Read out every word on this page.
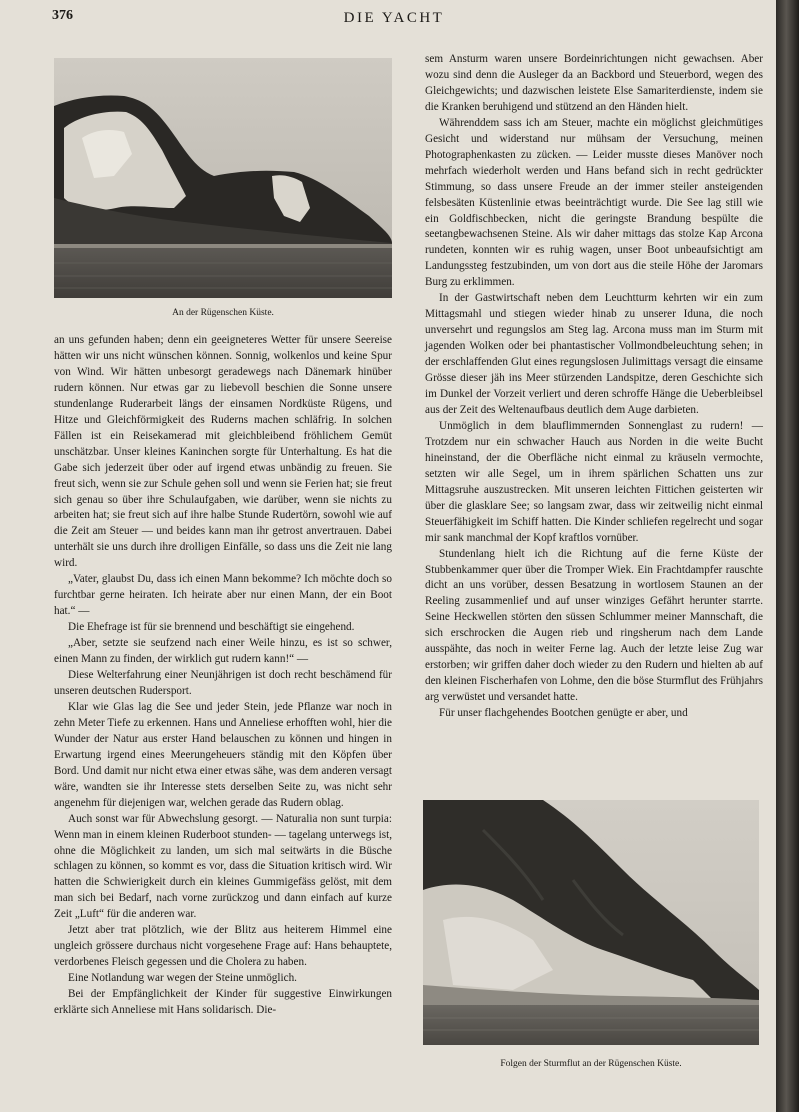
376	DIE YACHT
An der Rügenschen Küste.

an uns gefunden haben; denn ein geeigneteres Wetter für unsere Seereise hätten wir uns nicht wünschen können. Sonnig, wolkenlos und keine Spur von Wind. Wir hätten unbesorgt geradewegs nach Dänemark hinüber rudern können. Nur etwas gar zu liebevoll beschien die Sonne unsere stundenlange Ruderarbeit längs der einsamen Nordküste Rügens, und Hitze und Gleichförmigkeit des Ruderns machen schläfrig. In solchen Fällen ist ein Reisekamerad mit gleichbleibend fröhlichem Gemüt unschätzbar. Unser kleines Kaninchen sorgte für Unterhaltung. Es hat die Gabe sich jederzeit über oder auf irgend etwas unbändig zu freuen. Sie freut sich, wenn sie zur Schule gehen soll und wenn sie Ferien hat; sie freut sich genau so über ihre Schulaufgaben, wie darüber, wenn sie nichts zu arbeiten hat; sie freut sich auf ihre halbe Stunde Rudertörn, sowohl wie auf die Zeit am Steuer — und beides kann man ihr getrost anvertrauen. Dabei unterhält sie uns durch ihre drolligen Einfälle, so dass uns die Zeit nie lang wird.

„Vater, glaubst Du, dass ich einen Mann bekomme? Ich möchte doch so furchtbar gerne heiraten. Ich heirate aber nur einen Mann, der ein Boot hat.“ —

Die Ehefrage ist für sie brennend und beschäftigt sie eingehend.

„Aber, setzte sie seufzend nach einer Weile hinzu, es ist so schwer, einen Mann zu finden, der wirklich gut rudern kann!“ —

Diese Welterfahrung einer Neunjährigen ist doch recht beschämend für unseren deutschen Rudersport.

Klar wie Glas lag die See und jeder Stein, jede Pflanze war noch in zehn Meter Tiefe zu erkennen. Hans und Anneliese erhofften wohl, hier die Wunder der Natur aus erster Hand belauschen zu können und hingen in Erwartung irgend eines Meerungeheuers ständig mit den Köpfen über Bord. Und damit nur nicht etwa einer etwas sähe, was dem anderen versagt wäre, wandten sie ihr Interesse stets derselben Seite zu, was nicht sehr angenehm für diejenigen war, welchen gerade das Rudern oblag.

Auch sonst war für Abwechslung gesorgt. — Naturalia non sunt turpia: Wenn man in einem kleinen Ruderboot stunden- — tagelang unterwegs ist, ohne die Möglichkeit zu landen, um sich mal seitwärts in die Büsche schlagen zu können, so kommt es vor, dass die Situation kritisch wird. Wir hatten die Schwierigkeit durch ein kleines Gummigefäss gelöst, mit dem man sich bei Bedarf, nach vorne zurückzog und dann einfach auf kurze Zeit „Luft“ für die anderen war.

Jetzt aber trat plötzlich, wie der Blitz aus heiterem Himmel eine ungleich grössere durchaus nicht vorgesehene Frage auf: Hans behauptete, verdorbenes Fleisch gegessen und die Cholera zu haben.

Eine Notlandung war wegen der Steine unmöglich.

Bei der Empfänglichkeit der Kinder für suggestive Einwirkungen erklärte sich Anneliese mit Hans solidarisch. Die-

sem Ansturm waren unsere Bordeinrichtungen nicht gewachsen. Aber wozu sind denn die Ausleger da an Backbord und Steuerbord, wegen des Gleichgewichts; und dazwischen leistete Else Samariterdienste, indem sie die Kranken beruhigend und stützend an den Händen hielt.

Währenddem sass ich am Steuer, machte ein möglichst gleichmütiges Gesicht und widerstand nur mühsam der Versuchung, meinen Photographenkasten zu zücken. — Leider musste dieses Manöver noch mehrfach wiederholt werden und Hans befand sich in recht gedrückter Stimmung, so dass unsere Freude an der immer steiler ansteigenden felsbesäten Küstenlinie etwas beeinträchtigt wurde. Die See lag still wie ein Goldfischbecken, nicht die geringste Brandung bespülte die seetangbewachsenen Steine. Als wir daher mittags das stolze Kap Arcona rundeten, konnten wir es ruhig wagen, unser Boot unbeaufsichtigt am Landungssteg festzubinden, um von dort aus die steile Höhe der Jaromars Burg zu erklimmen.

In der Gastwirtschaft neben dem Leuchtturm kehrten wir ein zum Mittagsmahl und stiegen wieder hinab zu unserer Iduna, die noch unversehrt und regungslos am Steg lag. Arcona muss man im Sturm mit jagenden Wolken oder bei phantastischer Vollmondbeleuchtung sehen; in der erschlaffenden Glut eines regungslosen Julimittags versagt die einsame Grösse dieser jäh ins Meer stürzenden Landspitze, deren Geschichte sich im Dunkel der Vorzeit verliert und deren schroffe Hänge die Ueberbleibsel aus der Zeit des Weltenaufbaus deutlich dem Auge darbieten.

Unmöglich in dem blauflimmernden Sonnenglast zu rudern! — Trotzdem nur ein schwacher Hauch aus Norden in die weite Bucht hineinstand, der die Oberfläche nicht einmal zu kräuseln vermochte, setzten wir alle Segel, um in ihrem spärlichen Schatten uns zur Mittagsruhe auszustrecken. Mit unseren leichten Fittichen geisterten wir über die glasklare See; so langsam zwar, dass wir zeitweilig nicht einmal Steuerfähigkeit im Schiff hatten. Die Kinder schliefen regelrecht und sogar mir sank manchmal der Kopf kraftlos vornüber.

Stundenlang hielt ich die Richtung auf die ferne Küste der Stubbenkammer quer über die Tromper Wiek. Ein Frachtdampfer rauschte dicht an uns vorüber, dessen Besatzung in wortlosem Staunen an der Reeling zusammenlief und auf unser winziges Gefährt herunter starrte. Seine Heckwellen störten den süssen Schlummer meiner Mannschaft, die sich erschrocken die Augen rieb und ringsherum nach dem Lande ausspähte, das noch in weiter Ferne lag. Auch der letzte leise Zug war erstorben; wir griffen daher doch wieder zu den Rudern und hielten ab auf den kleinen Fischerhafen von Lohme, den die böse Sturmflut des Frühjahrs arg verwüstet und versandet hatte.

Für unser flachgehendes Bootchen genügte er aber, und

Folgen der Sturmflut an der Rügenschen Küste.
